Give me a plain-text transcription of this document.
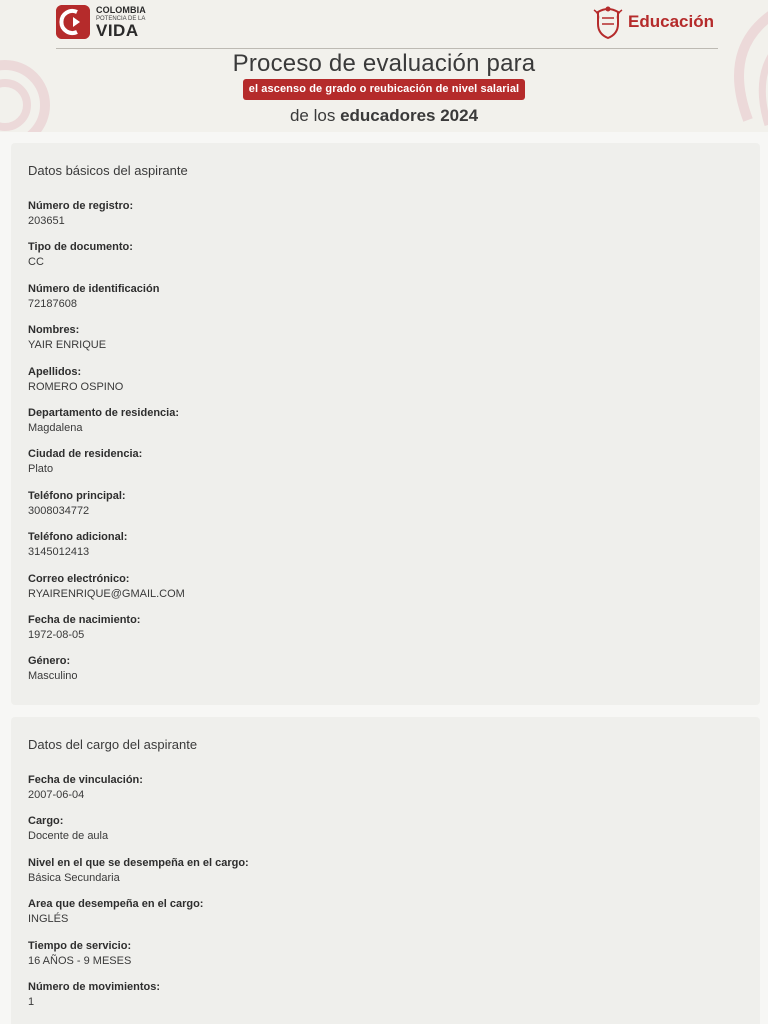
COLOMBIA
POTENCIA DE LA
VIDA	Educación
Proceso de evaluación para
el ascenso de grado o reubicación de nivel salarial
de los educadores 2024
Datos básicos del aspirante
Número de registro:
203651
Tipo de documento:
CC
Número de identificación
72187608
Nombres:
YAIR ENRIQUE
Apellidos:
ROMERO OSPINO
Departamento de residencia:
Magdalena
Ciudad de residencia:
Plato
Teléfono principal:
3008034772
Teléfono adicional:
3145012413
Correo electrónico:
RYAIRENRIQUE@GMAIL.COM
Fecha de nacimiento:
1972-08-05
Género:
Masculino
Datos del cargo del aspirante
Fecha de vinculación:
2007-06-04
Cargo:
Docente de aula
Nivel en el que se desempeña en el cargo:
Básica Secundaria
Area que desempeña en el cargo:
INGLÉS
Tiempo de servicio:
16 AÑOS - 9 MESES
Número de movimientos:
1
